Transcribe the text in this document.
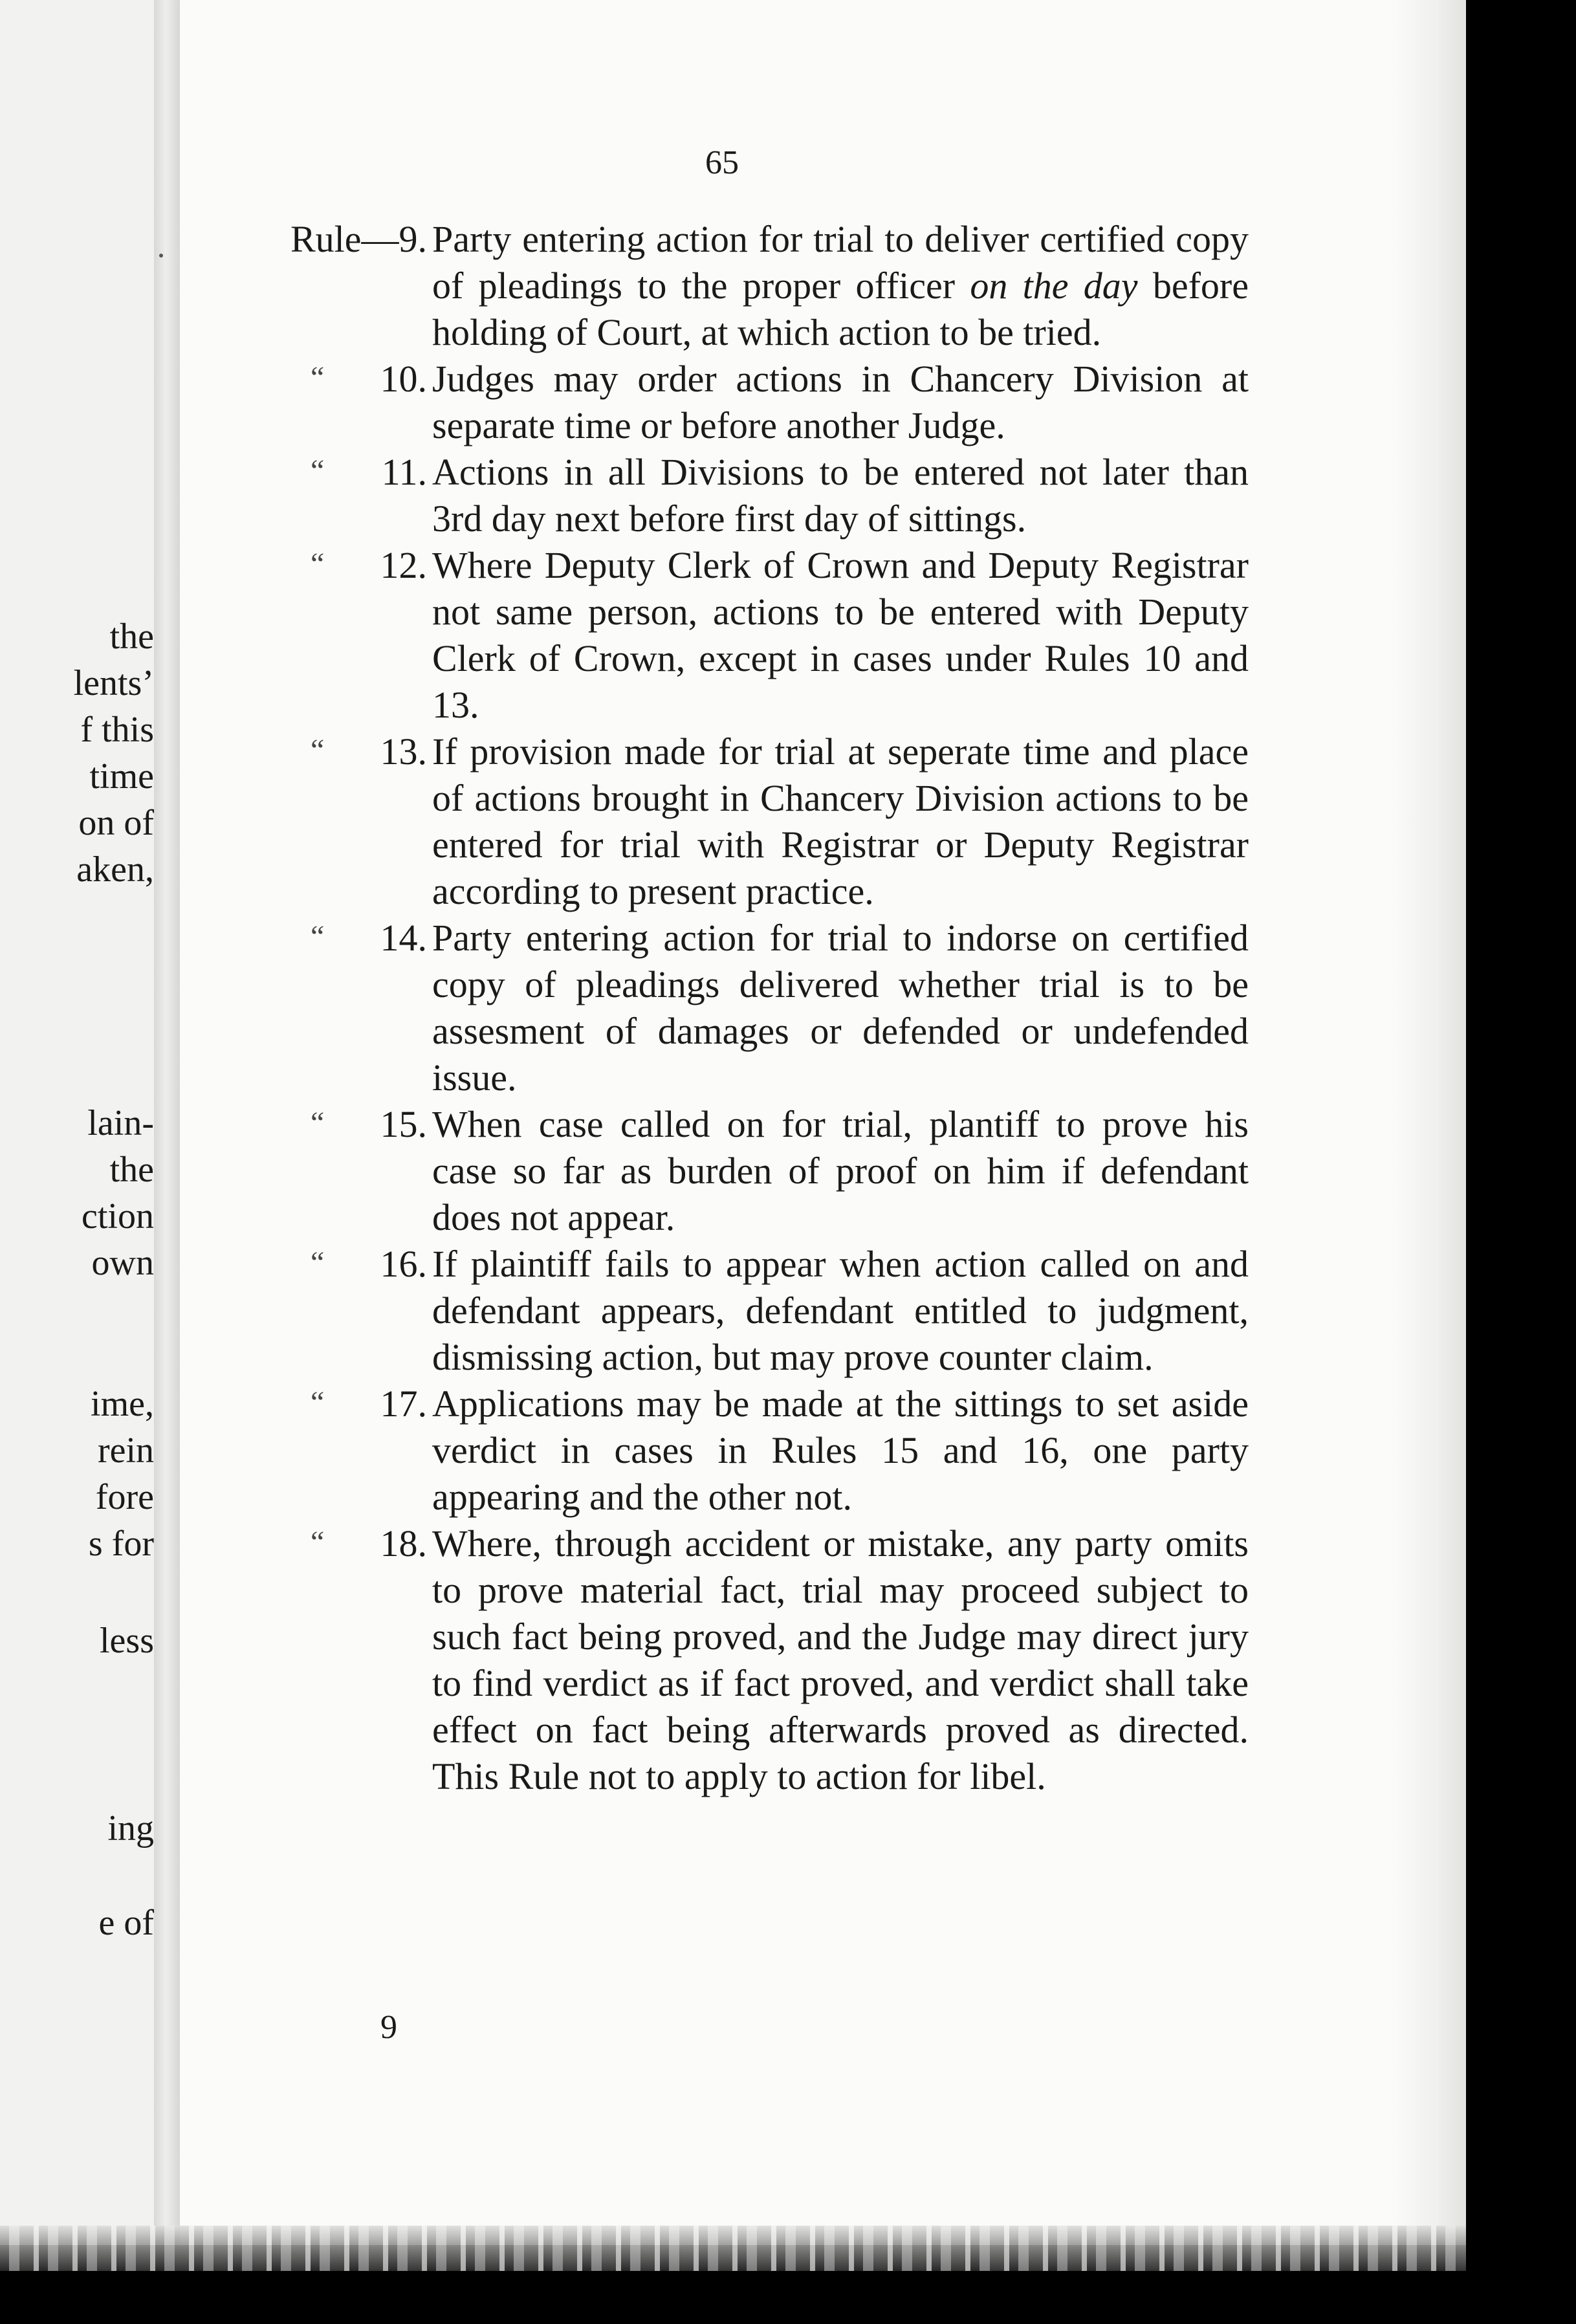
the
lents’
f this
time
on of
aken,
lain-
the
ction
own
ime,
rein
fore
s for
less
ing
e of
65
Rule—9. Party entering action for trial to deliver certified copy of pleadings to the proper officer on the day before holding of Court, at which action to be tried.
“ 10. Judges may order actions in Chancery Division at separate time or before another Judge.
“ 11. Actions in all Divisions to be entered not later than 3rd day next before first day of sittings.
“ 12. Where Deputy Clerk of Crown and Deputy Registrar not same person, actions to be entered with Deputy Clerk of Crown, except in cases under Rules 10 and 13.
“ 13. If provision made for trial at seperate time and place of actions brought in Chancery Division actions to be entered for trial with Registrar or Deputy Registrar according to present practice.
“ 14. Party entering action for trial to indorse on certified copy of pleadings delivered whether trial is to be assesment of damages or defended or undefended issue.
“ 15. When case called on for trial, plantiff to prove his case so far as burden of proof on him if defendant does not appear.
“ 16. If plaintiff fails to appear when action called on and defendant appears, defendant entitled to judgment, dismissing action, but may prove counter claim.
“ 17. Applications may be made at the sittings to set aside verdict in cases in Rules 15 and 16, one party appearing and the other not.
“ 18. Where, through accident or mistake, any party omits to prove material fact, trial may proceed subject to such fact being proved, and the Judge may direct jury to find verdict as if fact proved, and verdict shall take effect on fact being afterwards proved as directed. This Rule not to apply to action for libel.
9
